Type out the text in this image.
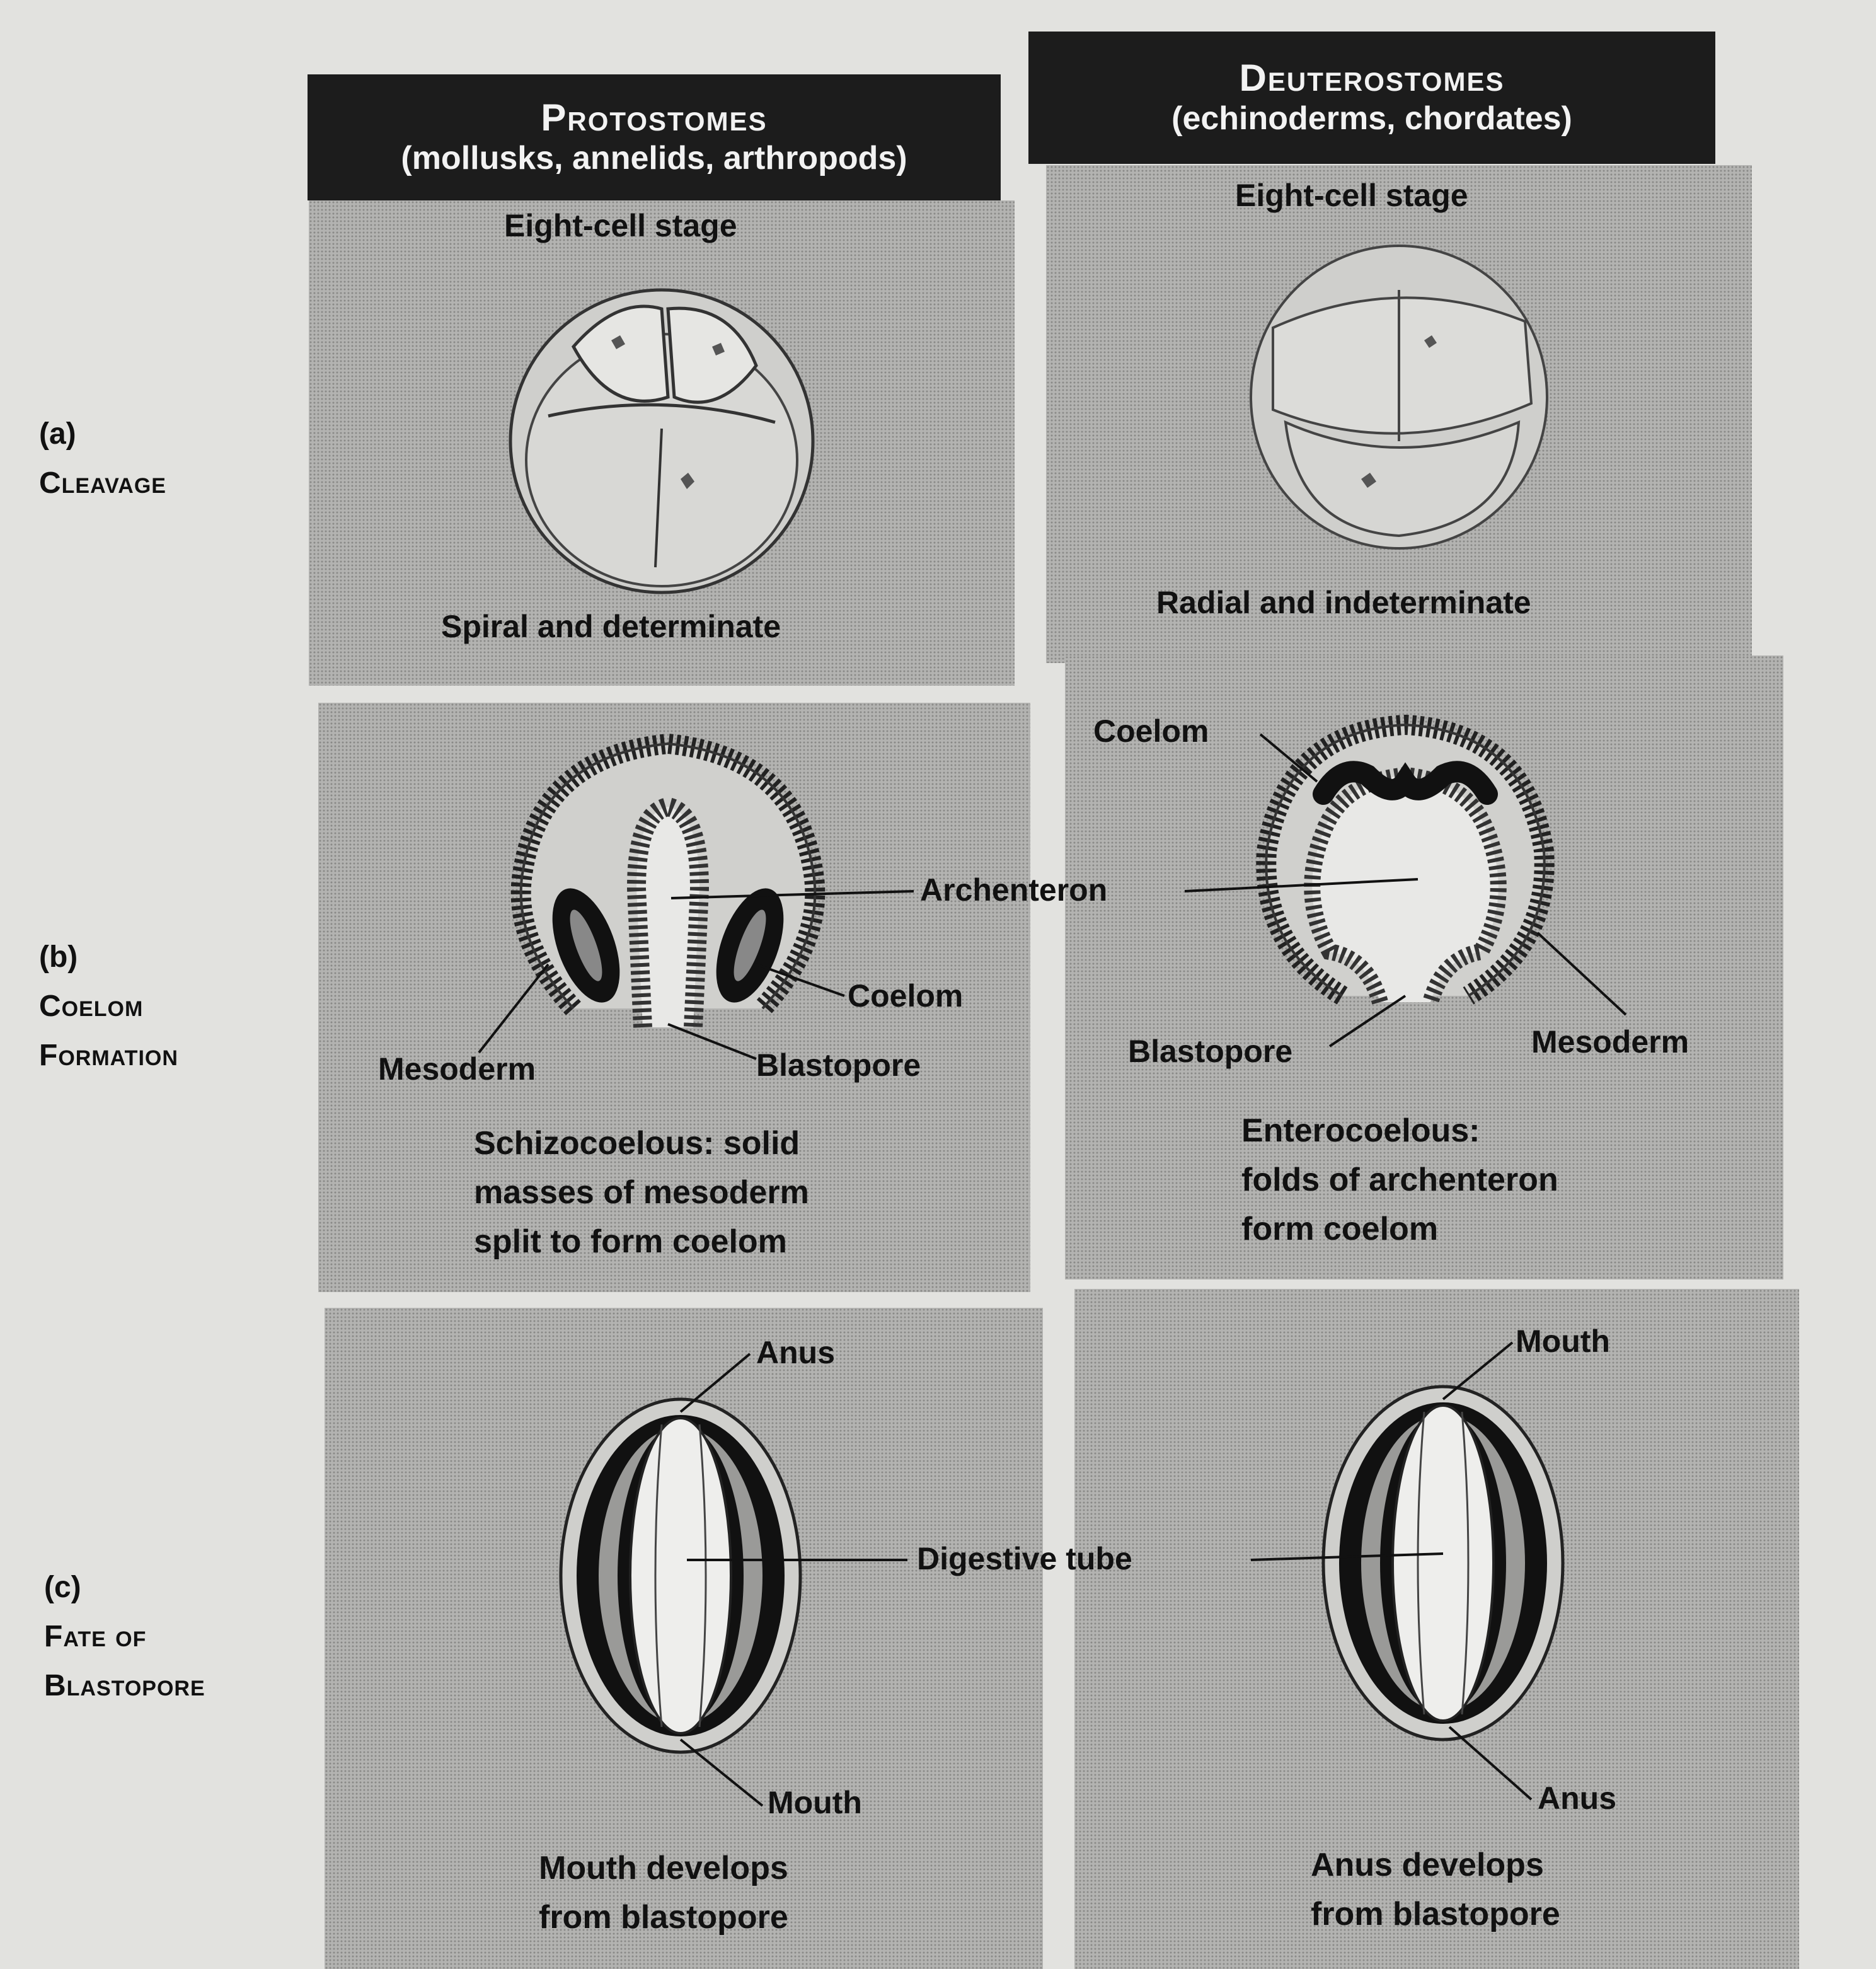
Protostomes
(mollusks, annelids, arthropods)
Deuterostomes
(echinoderms, chordates)
(a)
Cleavage
(b)
Coelom
Formation
(c)
Fate of
Blastopore
Eight-cell stage
Spiral and determinate
Eight-cell stage
Radial and indeterminate
Archenteron
Coelom
Mesoderm	Blastopore
Schizocoelous: solid
masses of mesoderm
split to form coelom
Coelom
Blastopore	Mesoderm
Enterocoelous:
folds of archenteron
form coelom
Anus
Mouth
Digestive tube
Mouth develops
from blastopore
Mouth
Anus
Anus develops
from blastopore
